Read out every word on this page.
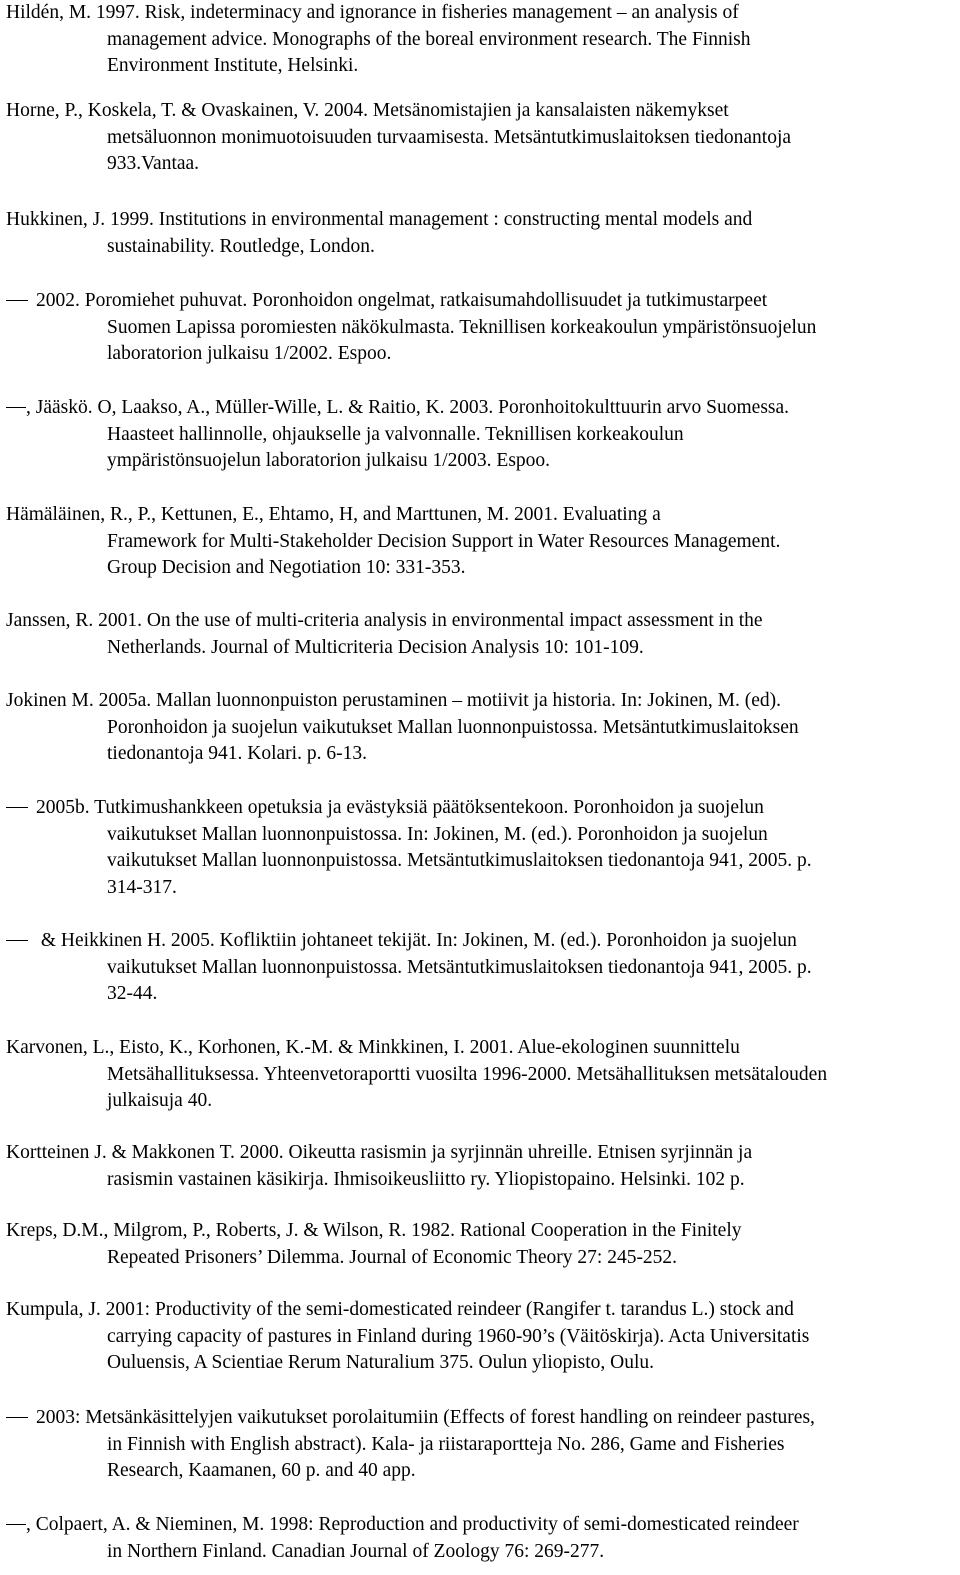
Hildén, M. 1997. Risk, indeterminacy and ignorance in fisheries management – an analysis of
management advice. Monographs of the boreal environment research. The Finnish
Environment Institute, Helsinki.
Horne, P., Koskela, T. & Ovaskainen, V. 2004. Metsänomistajien ja kansalaisten näkemykset
metsäluonnon monimuotoisuuden turvaamisesta. Metsäntutkimuslaitoksen tiedonantoja
933.Vantaa.
Hukkinen, J. 1999. Institutions in environmental management : constructing mental models and
sustainability. Routledge, London.
2002. Poromiehet puhuvat. Poronhoidon ongelmat, ratkaisumahdollisuudet ja tutkimustarpeet
Suomen Lapissa poromiesten näkökulmasta. Teknillisen korkeakoulun ympäristönsuojelun
laboratorion julkaisu 1/2002. Espoo.
, Jääskö. O, Laakso, A., Müller-Wille, L. & Raitio, K. 2003. Poronhoitokulttuurin arvo Suomessa.
Haasteet hallinnolle, ohjaukselle ja valvonnalle. Teknillisen korkeakoulun
ympäristönsuojelun laboratorion julkaisu 1/2003. Espoo.
Hämäläinen, R., P., Kettunen, E., Ehtamo, H, and Marttunen, M. 2001. Evaluating a
Framework for Multi-Stakeholder Decision Support in Water Resources Management.
Group Decision and Negotiation 10: 331-353.
Janssen, R. 2001. On the use of multi-criteria analysis in environmental impact assessment in the
Netherlands. Journal of Multicriteria Decision Analysis 10: 101-109.
Jokinen M. 2005a. Mallan luonnonpuiston perustaminen – motiivit ja historia. In: Jokinen, M. (ed).
Poronhoidon ja suojelun vaikutukset Mallan luonnonpuistossa. Metsäntutkimuslaitoksen
tiedonantoja 941. Kolari. p. 6-13.
2005b. Tutkimushankkeen opetuksia ja evästyksiä päätöksentekoon. Poronhoidon ja suojelun
vaikutukset Mallan luonnonpuistossa. In: Jokinen, M. (ed.). Poronhoidon ja suojelun
vaikutukset Mallan luonnonpuistossa. Metsäntutkimuslaitoksen tiedonantoja 941, 2005. p.
314-317.
& Heikkinen H. 2005. Kofliktiin johtaneet tekijät. In: Jokinen, M. (ed.). Poronhoidon ja suojelun
vaikutukset Mallan luonnonpuistossa. Metsäntutkimuslaitoksen tiedonantoja 941, 2005. p.
32-44.
Karvonen, L., Eisto, K., Korhonen, K.-M. & Minkkinen, I. 2001. Alue-ekologinen suunnittelu
Metsähallituksessa. Yhteenvetoraportti vuosilta 1996-2000. Metsähallituksen metsätalouden
julkaisuja 40.
Kortteinen J. & Makkonen T. 2000. Oikeutta rasismin ja syrjinnän uhreille. Etnisen syrjinnän ja
rasismin vastainen käsikirja. Ihmisoikeusliitto ry. Yliopistopaino. Helsinki. 102 p.
Kreps, D.M., Milgrom, P., Roberts, J. & Wilson, R. 1982. Rational Cooperation in the Finitely
Repeated Prisoners’ Dilemma. Journal of Economic Theory 27: 245-252.
Kumpula, J. 2001: Productivity of the semi-domesticated reindeer (Rangifer t. tarandus L.) stock and
carrying capacity of pastures in Finland during 1960-90’s (Väitöskirja). Acta Universitatis
Ouluensis, A Scientiae Rerum Naturalium 375. Oulun yliopisto, Oulu.
2003: Metsänkäsittelyjen vaikutukset porolaitumiin (Effects of forest handling on reindeer pastures,
in Finnish with English abstract). Kala- ja riistaraportteja No. 286, Game and Fisheries
Research, Kaamanen, 60 p. and 40 app.
, Colpaert, A. & Nieminen, M. 1998: Reproduction and productivity of semi-domesticated reindeer
in Northern Finland. Canadian Journal of Zoology 76: 269-277.
